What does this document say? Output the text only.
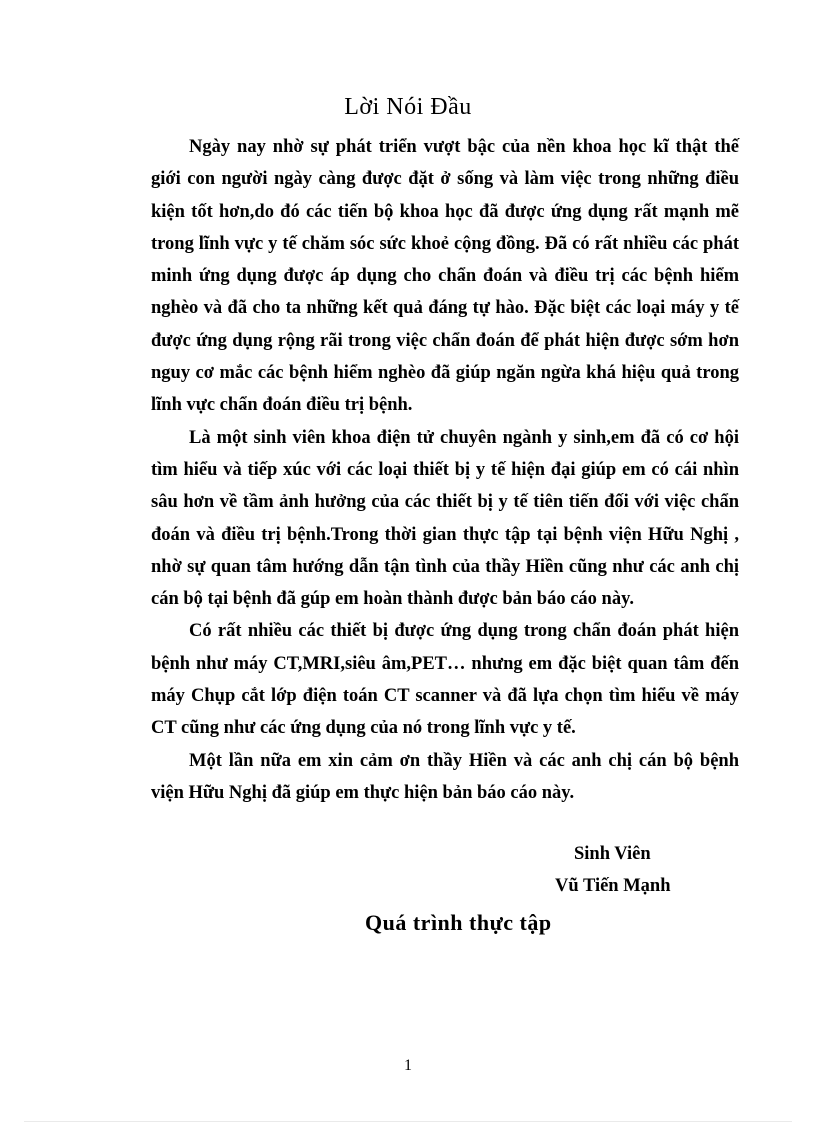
Lời Nói Đầu

Ngày nay nhờ sự phát triển vượt bậc của nền khoa học kĩ thật thế giới con người ngày càng được đặt ở sống và làm việc trong những điều kiện tốt hơn,do đó các tiến bộ khoa học đã được ứng dụng rất mạnh mẽ trong lĩnh vực y tế chăm sóc sức khoẻ cộng đồng. Đã có rất nhiều các phát minh ứng dụng được áp dụng cho chẩn đoán và điều trị các bệnh hiểm nghèo và đã cho ta những kết quả đáng tự hào. Đặc biệt các loại máy y tế được ứng dụng rộng rãi trong việc chẩn đoán để phát hiện được sớm hơn nguy cơ mắc các bệnh hiểm nghèo đã giúp ngăn ngừa khá hiệu quả trong lĩnh vực chẩn đoán điều trị bệnh.

Là một sinh viên khoa điện tử chuyên ngành y sinh,em đã có cơ hội tìm hiểu và tiếp xúc với các loại thiết bị y tế hiện đại giúp em có cái nhìn sâu hơn về tầm ảnh hưởng của các thiết bị y tế tiên tiến đối với việc chẩn đoán và điều trị bệnh.Trong thời gian thực tập tại bệnh viện Hữu Nghị , nhờ sự quan tâm hướng dẫn tận tình của thầy Hiền cũng như các anh chị cán bộ tại bệnh đã gúp em hoàn thành được bản báo cáo này.

Có rất nhiều các thiết bị được ứng dụng trong chẩn đoán phát hiện bệnh như máy CT,MRI,siêu âm,PET… nhưng em đặc biệt quan tâm đến máy Chụp cắt lớp điện toán CT scanner và đã lựa chọn tìm hiểu về máy CT cũng như các ứng dụng của nó trong lĩnh vực y tế.

Một lần nữa em xin cảm ơn thầy Hiền và các anh chị cán bộ bệnh viện Hữu Nghị đã giúp em thực hiện bản báo cáo này.

Sinh Viên
Vũ Tiến Mạnh
Quá trình thực tập
1
